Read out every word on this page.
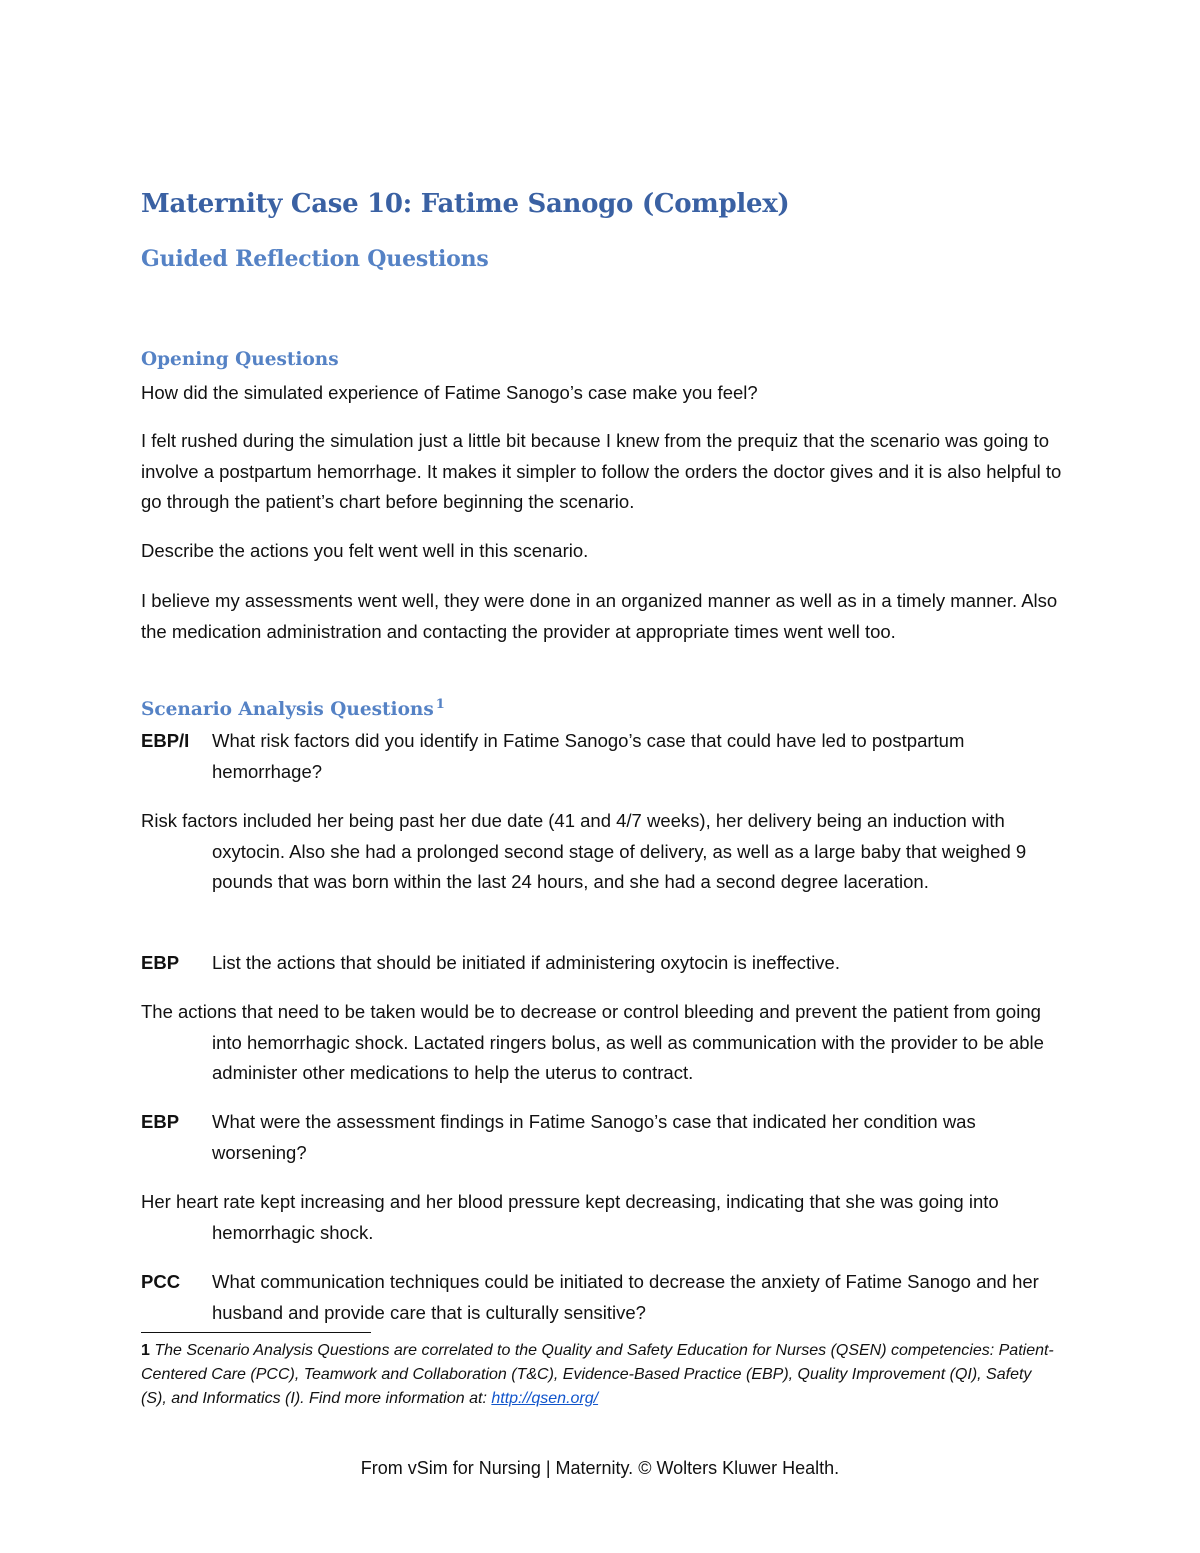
Maternity Case 10: Fatime Sanogo (Complex)
Guided Reflection Questions
Opening Questions

How did the simulated experience of Fatime Sanogo’s case make you feel?

I felt rushed during the simulation just a little bit because I knew from the prequiz that the scenario was going to involve a postpartum hemorrhage. It makes it simpler to follow the orders the doctor gives and it is also helpful to go through the patient’s chart before beginning the scenario.

Describe the actions you felt went well in this scenario.

I believe my assessments went well, they were done in an organized manner as well as in a timely manner. Also the medication administration and contacting the provider at appropriate times went well too.

Scenario Analysis Questions $^1$
EBP/I What risk factors did you identify in Fatime Sanogo’s case that could have led to postpartum hemorrhage?

Risk factors included her being past her due date (41 and 4/7 weeks), her delivery being an induction with oxytocin. Also she had a prolonged second stage of delivery, as well as a large baby that weighed 9 pounds that was born within the last 24 hours, and she had a second degree laceration.

EBP List the actions that should be initiated if administering oxytocin is ineffective.

The actions that need to be taken would be to decrease or control bleeding and prevent the patient from going into hemorrhagic shock. Lactated ringers bolus, as well as communication with the provider to be able administer other medications to help the uterus to contract.

EBP What were the assessment findings in Fatime Sanogo’s case that indicated her condition was worsening?

Her heart rate kept increasing and her blood pressure kept decreasing, indicating that she was going into hemorrhagic shock.

PCC What communication techniques could be initiated to decrease the anxiety of Fatime Sanogo and her husband and provide care that is culturally sensitive?

1 The Scenario Analysis Questions are correlated to the Quality and Safety Education for Nurses (QSEN) competencies: Patient-Centered Care (PCC), Teamwork and Collaboration (T&C), Evidence-Based Practice (EBP), Quality Improvement (QI), Safety (S), and Informatics (I). Find more information at: http://qsen.org/

From vSim for Nursing | Maternity. © Wolters Kluwer Health.
